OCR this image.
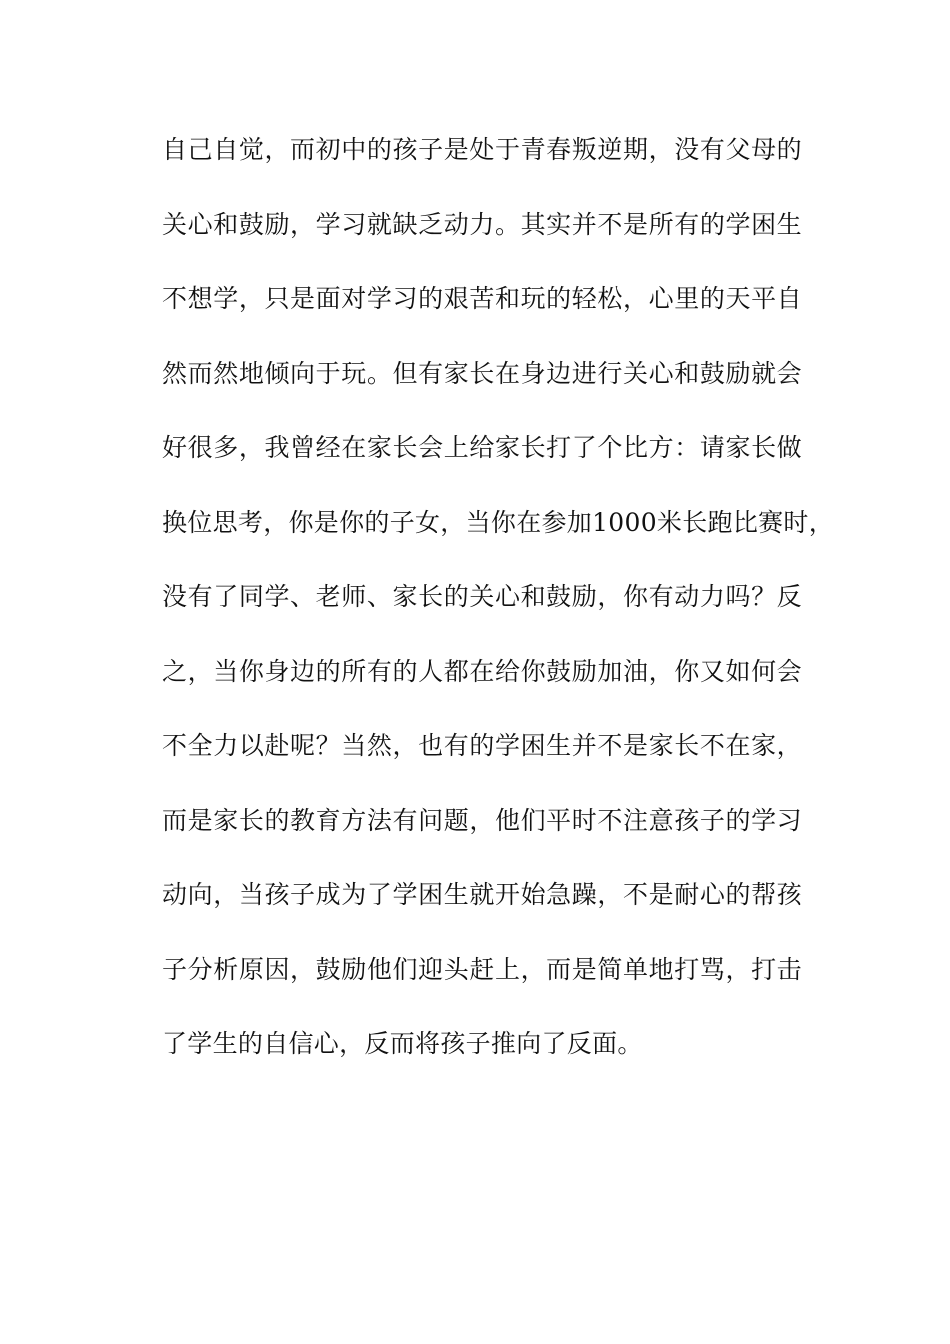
自己自觉，而初中的孩子是处于青春叛逆期，没有父母的
关心和鼓励，学习就缺乏动力。其实并不是所有的学困生
不想学，只是面对学习的艰苦和玩的轻松，心里的天平自
然而然地倾向于玩。但有家长在身边进行关心和鼓励就会
好很多，我曾经在家长会上给家长打了个比方：请家长做
换位思考，你是你的子女，当你在参加1000米长跑比赛时，
没有了同学、老师、家长的关心和鼓励，你有动力吗？反
之，当你身边的所有的人都在给你鼓励加油，你又如何会
不全力以赴呢？当然，也有的学困生并不是家长不在家，
而是家长的教育方法有问题，他们平时不注意孩子的学习
动向，当孩子成为了学困生就开始急躁，不是耐心的帮孩
子分析原因，鼓励他们迎头赶上，而是简单地打骂，打击
了学生的自信心，反而将孩子推向了反面。
